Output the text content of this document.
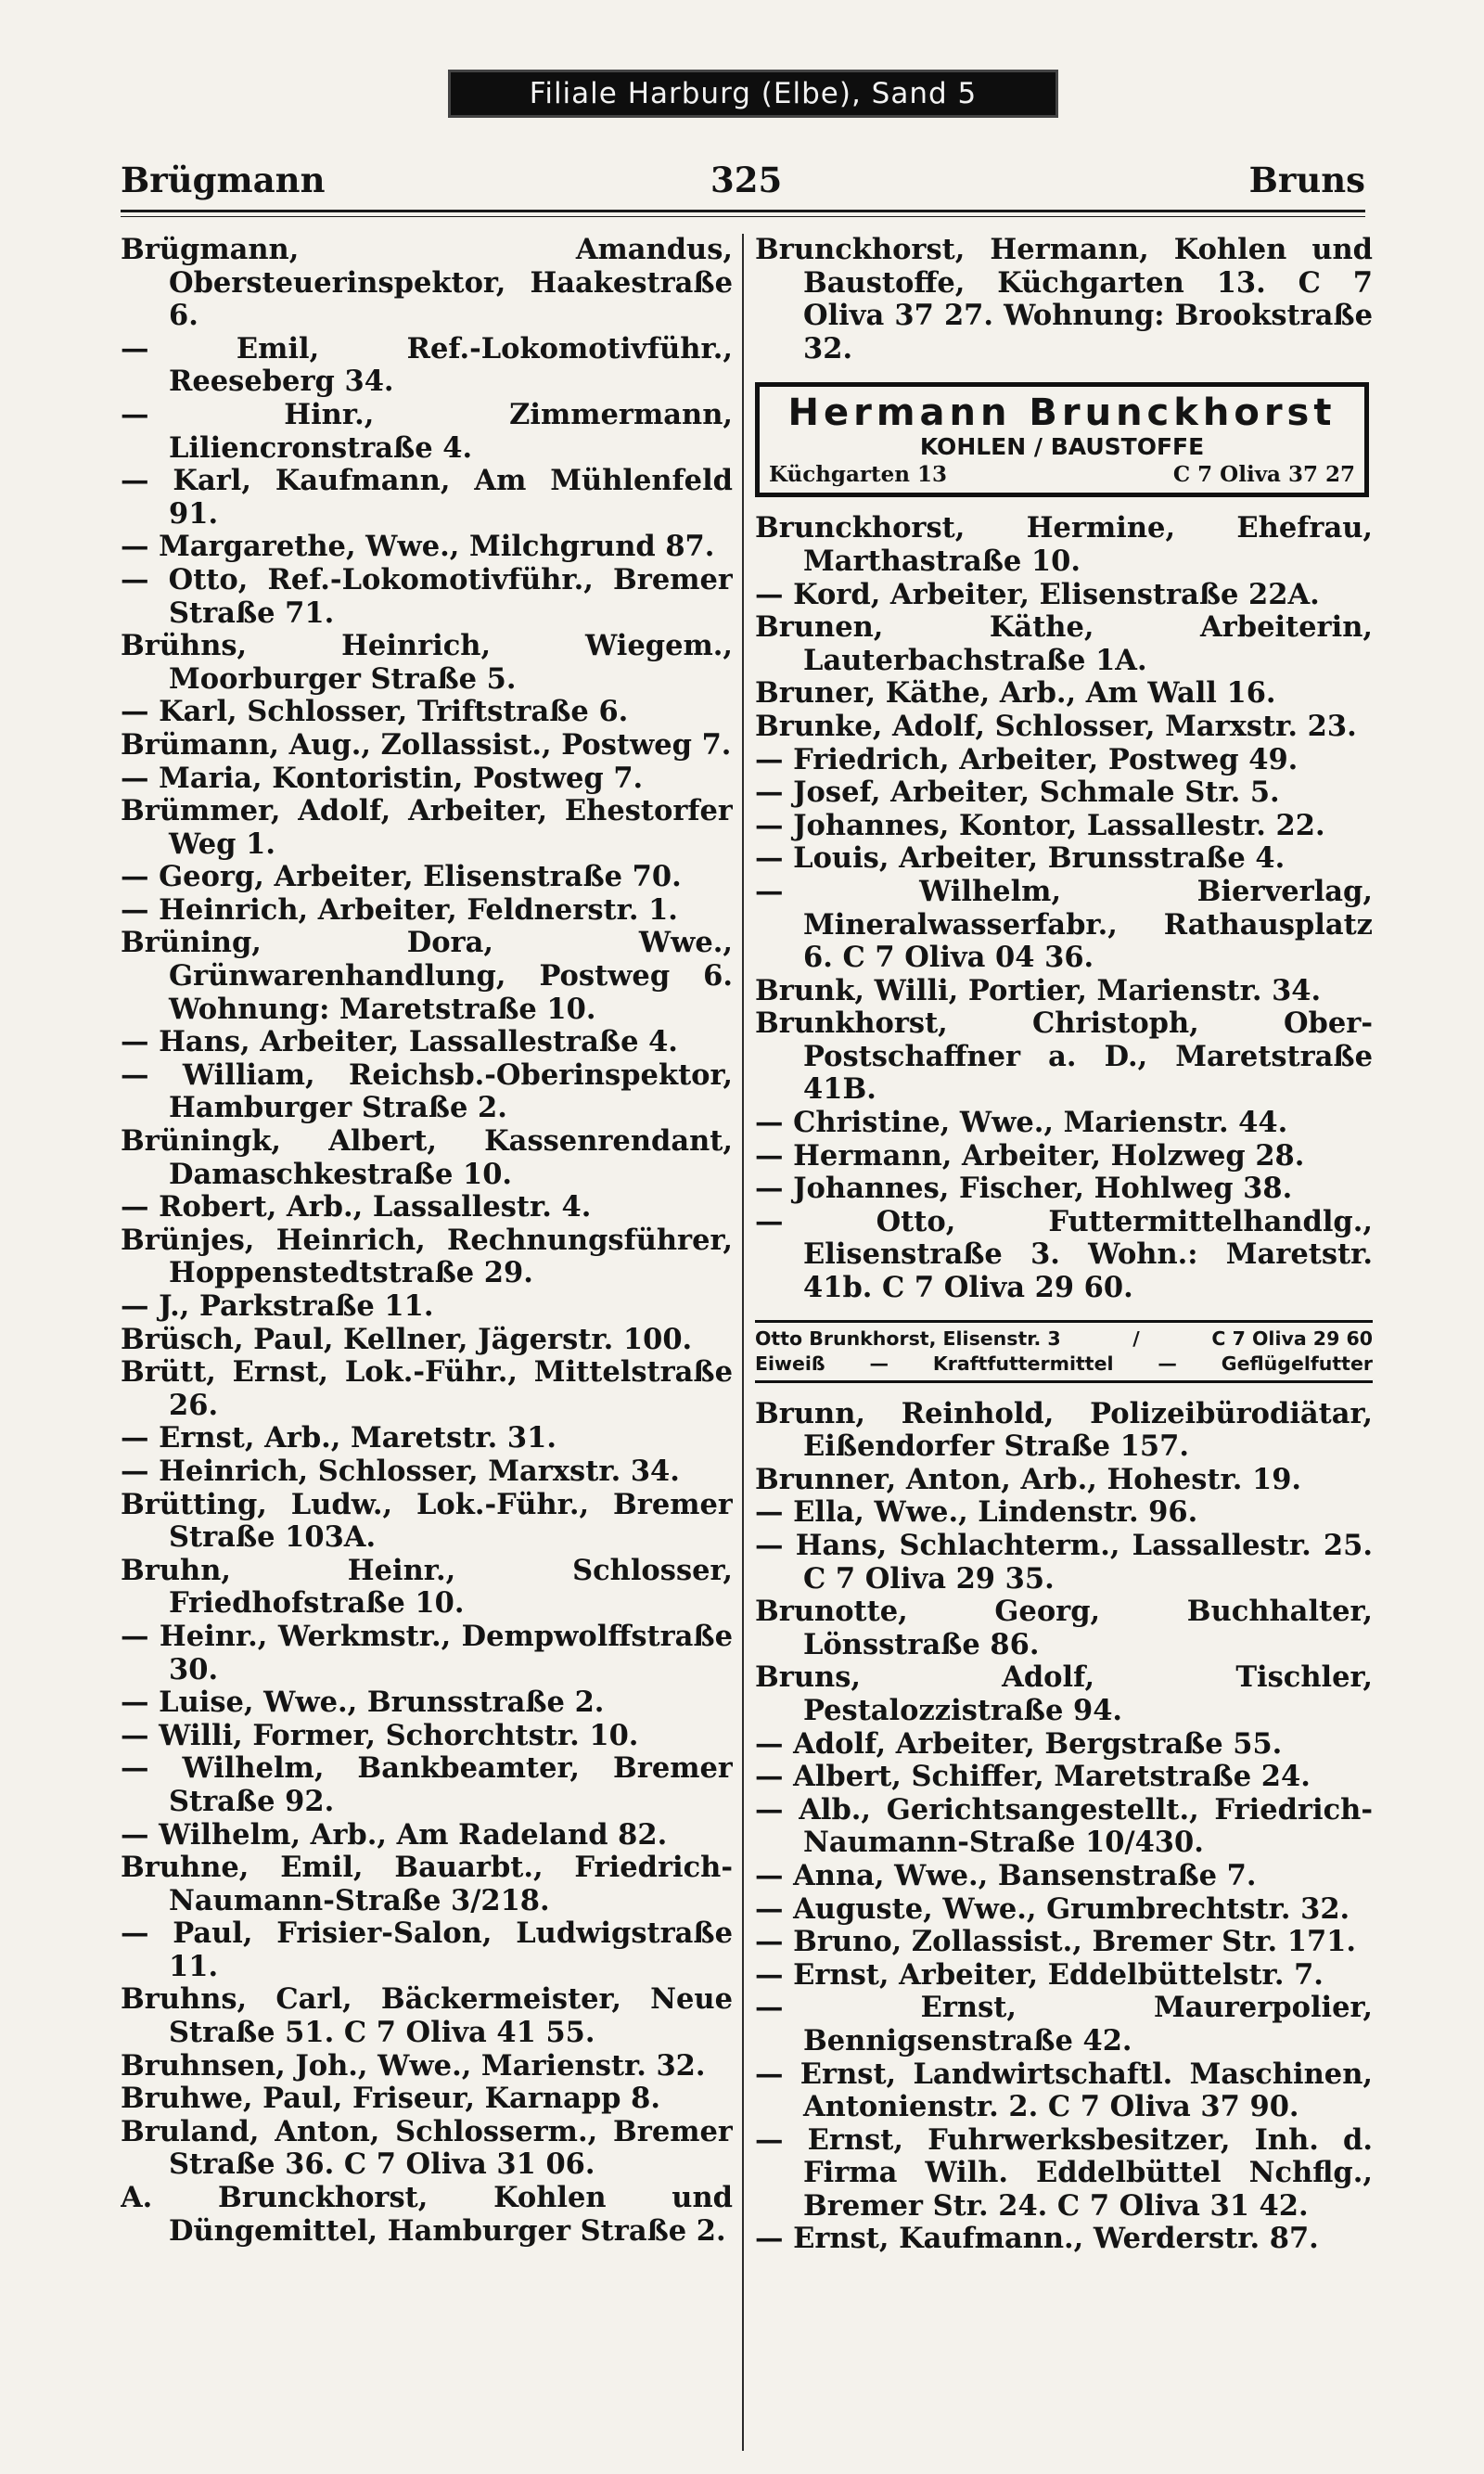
Filiale Harburg (Elbe), Sand 5
Brügmann	325	Bruns

Brügmann, Amandus, Obersteuerinspektor, Haakestraße 6.

— Emil, Ref.-Lokomotivführ., Reeseberg 34.

— Hinr., Zimmermann, Liliencronstraße 4.

— Karl, Kaufmann, Am Mühlenfeld 91.

— Margarethe, Wwe., Milchgrund 87.

— Otto, Ref.-Lokomotivführ., Bremer Straße 71.

Brühns, Heinrich, Wiegem., Moorburger Straße 5.

— Karl, Schlosser, Triftstraße 6.

Brümann, Aug., Zollassist., Postweg 7.

— Maria, Kontoristin, Postweg 7.

Brümmer, Adolf, Arbeiter, Ehestorfer Weg 1.

— Georg, Arbeiter, Elisenstraße 70.

— Heinrich, Arbeiter, Feldnerstr. 1.

Brüning, Dora, Wwe., Grünwarenhandlung, Postweg 6. Wohnung: Maretstraße 10.

— Hans, Arbeiter, Lassallestraße 4.

— William, Reichsb.-Oberinspektor, Hamburger Straße 2.

Brüningk, Albert, Kassenrendant, Damaschkestraße 10.

— Robert, Arb., Lassallestr. 4.

Brünjes, Heinrich, Rechnungsführer, Hoppenstedtstraße 29.

— J., Parkstraße 11.

Brüsch, Paul, Kellner, Jägerstr. 100.

Brütt, Ernst, Lok.-Führ., Mittelstraße 26.

— Ernst, Arb., Maretstr. 31.

— Heinrich, Schlosser, Marxstr. 34.

Brütting, Ludw., Lok.-Führ., Bremer Straße 103A.

Bruhn, Heinr., Schlosser, Friedhofstraße 10.

— Heinr., Werkmstr., Dempwolffstraße 30.

— Luise, Wwe., Brunsstraße 2.

— Willi, Former, Schorchtstr. 10.

— Wilhelm, Bankbeamter, Bremer Straße 92.

— Wilhelm, Arb., Am Radeland 82.

Bruhne, Emil, Bauarbt., Friedrich-Naumann-Straße 3/218.

— Paul, Frisier-Salon, Ludwigstraße 11.

Bruhns, Carl, Bäckermeister, Neue Straße 51. C 7 Oliva 41 55.

Bruhnsen, Joh., Wwe., Marienstr. 32.

Bruhwe, Paul, Friseur, Karnapp 8.

Bruland, Anton, Schlosserm., Bremer Straße 36. C 7 Oliva 31 06.

A. Brunckhorst, Kohlen und Düngemittel, Hamburger Straße 2.

Brunckhorst, Hermann, Kohlen und Baustoffe, Küchgarten 13. C 7 Oliva 37 27. Wohnung: Brookstraße 32.

Hermann Brunckhorst
KOHLEN / BAUSTOFFE
Küchgarten 13	C 7 Oliva 37 27

Brunckhorst, Hermine, Ehefrau, Marthastraße 10.

— Kord, Arbeiter, Elisenstraße 22A.

Brunen, Käthe, Arbeiterin, Lauterbachstraße 1A.

Bruner, Käthe, Arb., Am Wall 16.

Brunke, Adolf, Schlosser, Marxstr. 23.

— Friedrich, Arbeiter, Postweg 49.

— Josef, Arbeiter, Schmale Str. 5.

— Johannes, Kontor, Lassallestr. 22.

— Louis, Arbeiter, Brunsstraße 4.

— Wilhelm, Bierverlag, Mineralwasserfabr., Rathausplatz 6. C 7 Oliva 04 36.

Brunk, Willi, Portier, Marienstr. 34.

Brunkhorst, Christoph, Ober-Postschaffner a. D., Maretstraße 41B.

— Christine, Wwe., Marienstr. 44.

— Hermann, Arbeiter, Holzweg 28.

— Johannes, Fischer, Hohlweg 38.

— Otto, Futtermittelhandlg., Elisenstraße 3. Wohn.: Maretstr. 41b. C 7 Oliva 29 60.

Otto Brunkhorst, Elisenstr. 3	/	C 7 Oliva 29 60
Eiweiß — Kraftfuttermittel — Geflügelfutter

Brunn, Reinhold, Polizeibürodiätar, Eißendorfer Straße 157.

Brunner, Anton, Arb., Hohestr. 19.

— Ella, Wwe., Lindenstr. 96.

— Hans, Schlachterm., Lassallestr. 25. C 7 Oliva 29 35.

Brunotte, Georg, Buchhalter, Lönsstraße 86.

Bruns, Adolf, Tischler, Pestalozzistraße 94.

— Adolf, Arbeiter, Bergstraße 55.

— Albert, Schiffer, Maretstraße 24.

— Alb., Gerichtsangestellt., Friedrich-Naumann-Straße 10/430.

— Anna, Wwe., Bansenstraße 7.

— Auguste, Wwe., Grumbrechtstr. 32.

— Bruno, Zollassist., Bremer Str. 171.

— Ernst, Arbeiter, Eddelbüttelstr. 7.

— Ernst, Maurerpolier, Bennigsenstraße 42.

— Ernst, Landwirtschaftl. Maschinen, Antonienstr. 2. C 7 Oliva 37 90.

— Ernst, Fuhrwerksbesitzer, Inh. d. Firma Wilh. Eddelbüttel Nchflg., Bremer Str. 24. C 7 Oliva 31 42.

— Ernst, Kaufmann., Werderstr. 87.
